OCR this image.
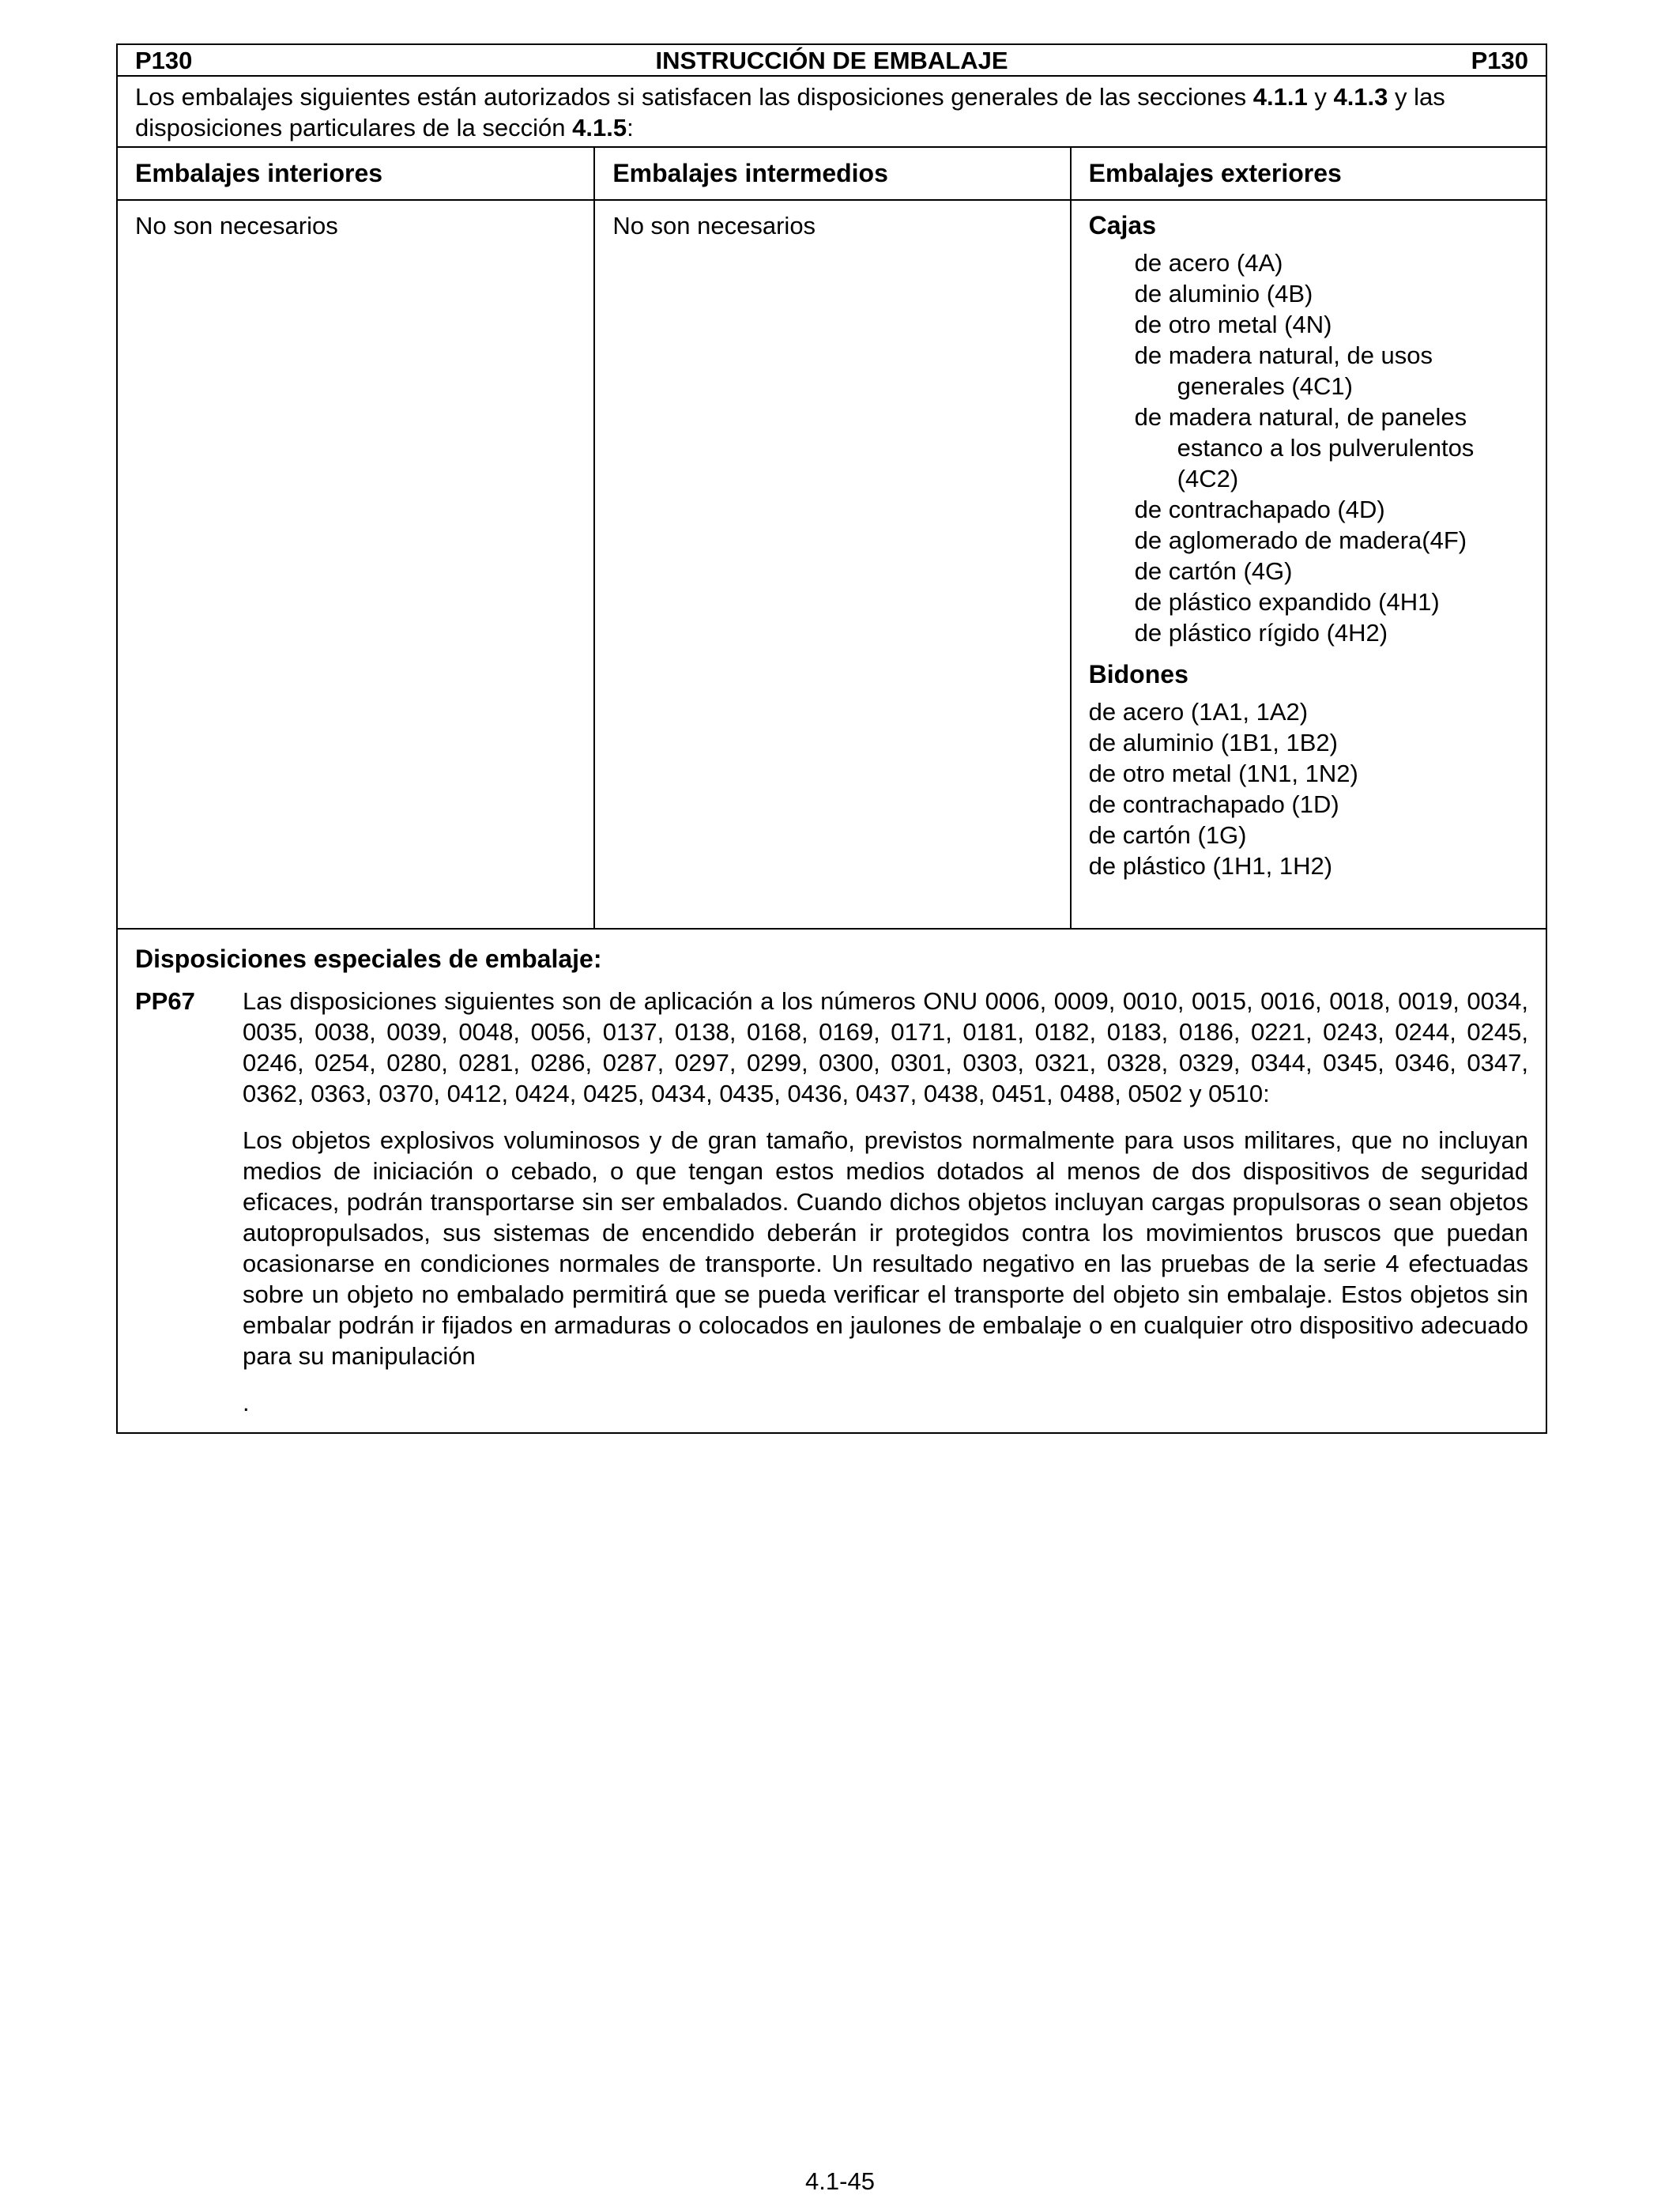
P130	INSTRUCCIÓN DE EMBALAJE	P130
Los embalajes siguientes están autorizados si satisfacen las disposiciones generales de las secciones 4.1.1 y 4.1.3 y las disposiciones particulares de la sección 4.1.5:
Embalajes interiores	Embalajes intermedios	Embalajes exteriores
No son necesarios	No son necesarios	Cajas
de acero (4A)
de aluminio (4B)
de otro metal (4N)
de madera natural, de usos generales (4C1)
de madera natural, de paneles estanco a los pulverulentos (4C2)
de contrachapado (4D)
de aglomerado de madera(4F)
de cartón (4G)
de plástico expandido (4H1)
de plástico rígido (4H2)
Bidones
de acero (1A1, 1A2)
de aluminio (1B1, 1B2)
de otro metal (1N1, 1N2)
de contrachapado (1D)
de cartón (1G)
de plástico (1H1, 1H2)
Disposiciones especiales de embalaje:
PP67	Las disposiciones siguientes son de aplicación a los números ONU 0006, 0009, 0010, 0015, 0016, 0018, 0019, 0034, 0035, 0038, 0039, 0048, 0056, 0137, 0138, 0168, 0169, 0171, 0181, 0182, 0183, 0186, 0221, 0243, 0244, 0245, 0246, 0254, 0280, 0281, 0286, 0287, 0297, 0299, 0300, 0301, 0303, 0321, 0328, 0329, 0344, 0345, 0346, 0347, 0362, 0363, 0370, 0412, 0424, 0425, 0434, 0435, 0436, 0437, 0438, 0451, 0488, 0502 y 0510:

Los objetos explosivos voluminosos y de gran tamaño, previstos normalmente para usos militares, que no incluyan medios de iniciación o cebado, o que tengan estos medios dotados al menos de dos dispositivos de seguridad eficaces, podrán transportarse sin ser embalados. Cuando dichos objetos incluyan cargas propulsoras o sean objetos autopropulsados, sus sistemas de encendido deberán ir protegidos contra los movimientos bruscos que puedan ocasionarse en condiciones normales de transporte. Un resultado negativo en las pruebas de la serie 4 efectuadas sobre un objeto no embalado permitirá que se pueda verificar el transporte del objeto sin embalaje. Estos objetos sin embalar podrán ir fijados en armaduras o colocados en jaulones de embalaje o en cualquier otro dispositivo adecuado para su manipulación

.
4.1-45
